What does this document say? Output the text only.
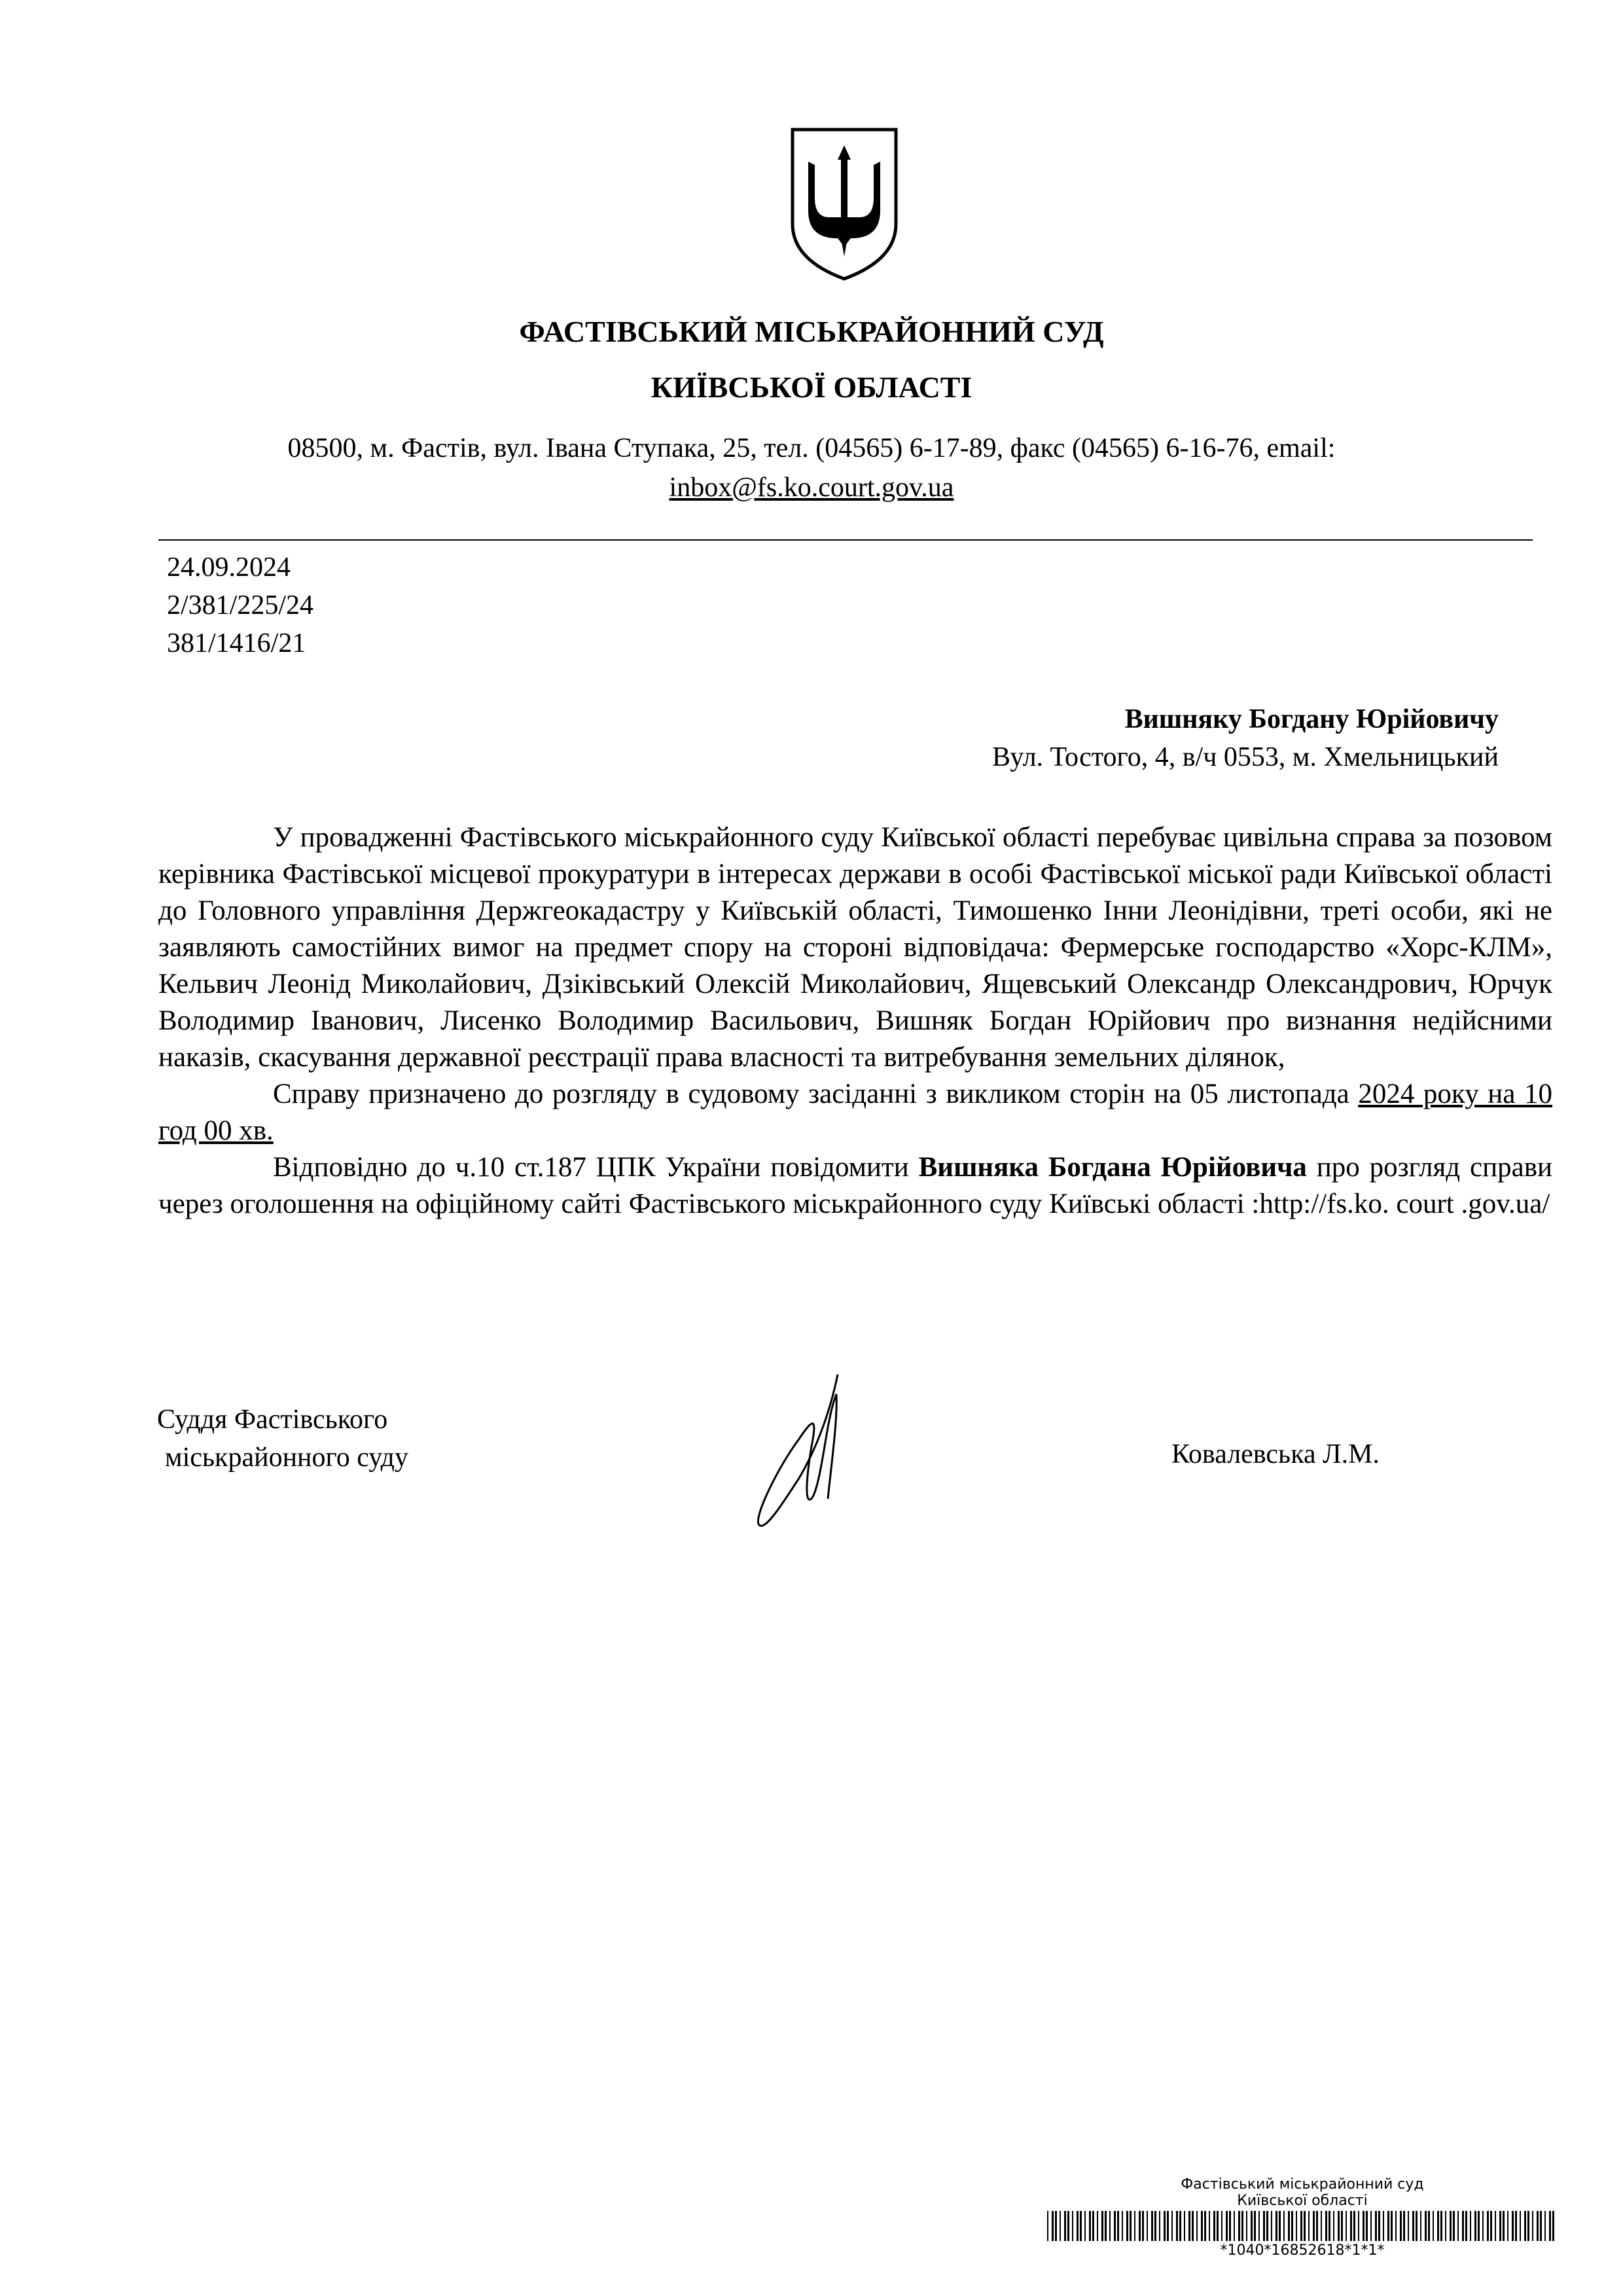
ФАСТІВСЬКИЙ МІСЬКРАЙОННИЙ СУД
КИЇВСЬКОЇ ОБЛАСТІ
08500, м. Фастів, вул. Івана Ступака, 25, тел. (04565) 6-17-89, факс (04565) 6-16-76, email:
inbox@fs.ko.court.gov.ua
24.09.2024
2/381/225/24
381/1416/21
Вишняку Богдану Юрійовичу
Вул. Тостого, 4, в/ч 0553, м. Хмельницький

У провадженні Фастівського міськрайонного суду Київської області перебуває цивільна справа за позовом керівника Фастівської місцевої прокуратури в інтересах держави в особі Фастівської міської ради Київської області до Головного управління Держгеокадастру у Київській області, Тимошенко Інни Леонідівни, треті особи, які не заявляють самостійних вимог на предмет спору на стороні відповідача: Фермерське господарство «Хорс-КЛМ», Кельвич Леонід Миколайович, Дзіківський Олексій Миколайович, Ящевський Олександр Олександрович, Юрчук Володимир Іванович, Лисенко Володимир Васильович, Вишняк Богдан Юрійович про визнання недійсними наказів, скасування державної реєстрації права власності та витребування земельних ділянок,

Справу призначено до розгляду в судовому засіданні з викликом сторін на 05 листопада 2024 року на 10 год 00 хв.

Відповідно до ч.10 ст.187 ЦПК України повідомити Вишняка Богдана Юрійовича про розгляд справи через оголошення на офіційному сайті Фастівського міськрайонного суду Київські області :http://fs.ko. court .gov.ua/

Суддя Фастівського
міськрайонного суду	Ковалевська Л.М.
Фастівський міськрайонний суд
Київської області
*1040*16852618*1*1*
